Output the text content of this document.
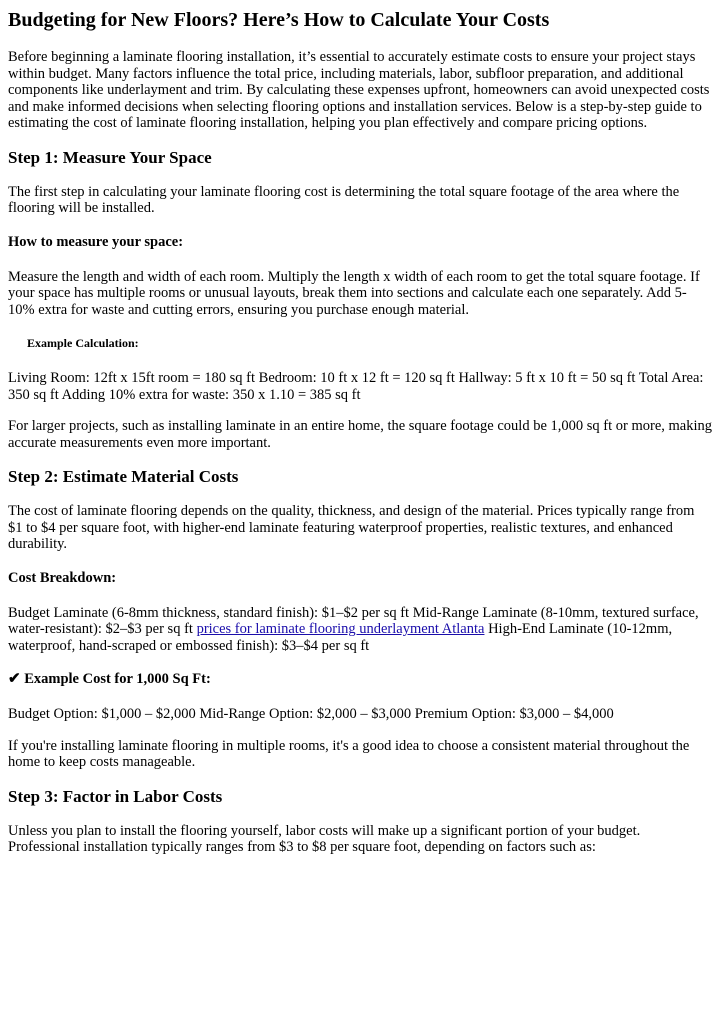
Budgeting for New Floors? Here’s How to Calculate Your Costs

Before beginning a laminate flooring installation, it’s essential to accurately estimate costs to ensure your project stays within budget. Many factors influence the total price, including materials, labor, subfloor preparation, and additional components like underlayment and trim. By calculating these expenses upfront, homeowners can avoid unexpected costs and make informed decisions when selecting flooring options and installation services. Below is a step-by-step guide to estimating the cost of laminate flooring installation, helping you plan effectively and compare pricing options.

Step 1: Measure Your Space

The first step in calculating your laminate flooring cost is determining the total square footage of the area where the flooring will be installed.

How to measure your space:

Measure the length and width of each room. Multiply the length x width of each room to get the total square footage. If your space has multiple rooms or unusual layouts, break them into sections and calculate each one separately. Add 5-10% extra for waste and cutting errors, ensuring you purchase enough material.

Example Calculation:

Living Room: 12ft x 15ft room = 180 sq ft Bedroom: 10 ft x 12 ft = 120 sq ft Hallway: 5 ft x 10 ft = 50 sq ft Total Area: 350 sq ft Adding 10% extra for waste: 350 x 1.10 = 385 sq ft

For larger projects, such as installing laminate in an entire home, the square footage could be 1,000 sq ft or more, making accurate measurements even more important.

Step 2: Estimate Material Costs

The cost of laminate flooring depends on the quality, thickness, and design of the material. Prices typically range from $1 to $4 per square foot, with higher-end laminate featuring waterproof properties, realistic textures, and enhanced durability.

Cost Breakdown:

Budget Laminate (6-8mm thickness, standard finish): $1–$2 per sq ft Mid-Range Laminate (8-10mm, textured surface, water-resistant): $2–$3 per sq ft prices for laminate flooring underlayment Atlanta High-End Laminate (10-12mm, waterproof, hand-scraped or embossed finish): $3–$4 per sq ft

✔ Example Cost for 1,000 Sq Ft:

Budget Option: $1,000 – $2,000 Mid-Range Option: $2,000 – $3,000 Premium Option: $3,000 – $4,000

If you're installing laminate flooring in multiple rooms, it's a good idea to choose a consistent material throughout the home to keep costs manageable.

Step 3: Factor in Labor Costs

Unless you plan to install the flooring yourself, labor costs will make up a significant portion of your budget. Professional installation typically ranges from $3 to $8 per square foot, depending on factors such as:
